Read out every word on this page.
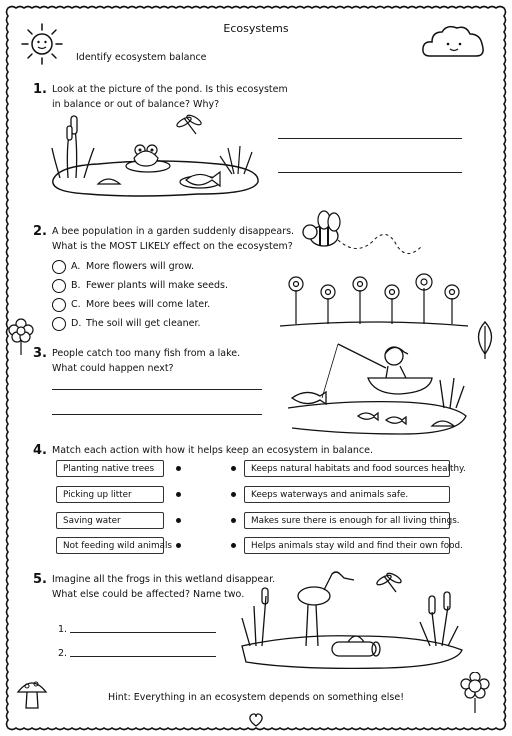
Ecosystems
Identify ecosystem balance
1. Look at the picture of the pond. Is this ecosystem
in balance or out of balance? Why?
2. A bee population in a garden suddenly disappears.
What is the MOST LIKELY effect on the ecosystem?
A. More flowers will grow.
B. Fewer plants will make seeds.
C. More bees will come later.
D. The soil will get cleaner.
3. People catch too many fish from a lake.
What could happen next?
4. Match each action with how it helps keep an ecosystem in balance.
Planting native trees
Picking up litter
Saving water
Not feeding wild animals
Keeps natural habitats and food sources healthy.
Keeps waterways and animals safe.
Makes sure there is enough for all living things.
Helps animals stay wild and find their own food.
5. Imagine all the frogs in this wetland disappear.
What else could be affected? Name two.
1.
2.
Hint: Everything in an ecosystem depends on something else!
